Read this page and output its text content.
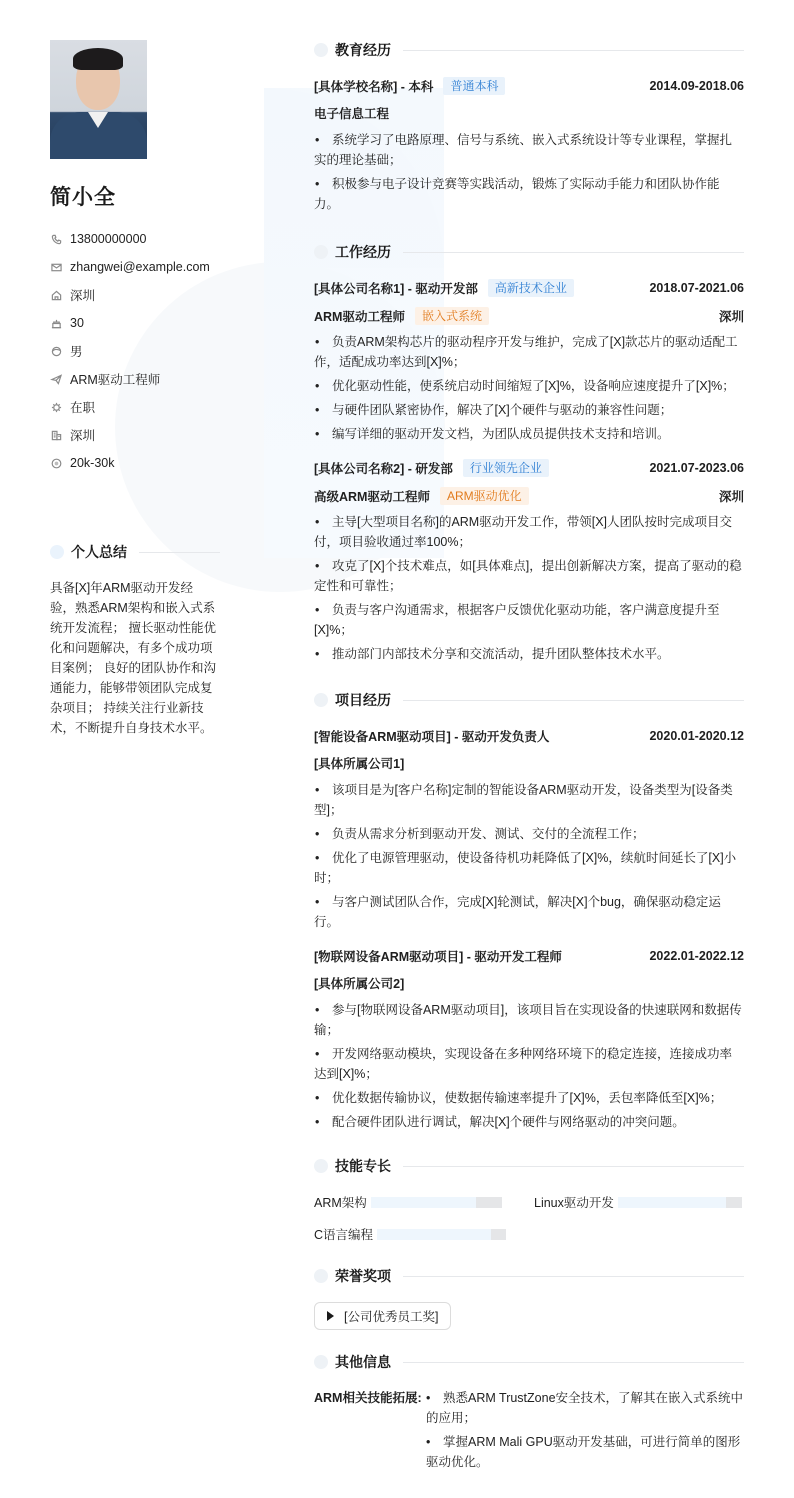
简小全
13800000000
zhangwei@example.com
深圳
30
男
ARM驱动工程师
在职
深圳
20k-30k
个人总结
具备[X]年ARM驱动开发经验，熟悉ARM架构和嵌入式系统开发流程； 擅长驱动性能优化和问题解决，有多个成功项目案例； 良好的团队协作和沟通能力，能够带领团队完成复杂项目； 持续关注行业新技术，不断提升自身技术水平。
教育经历
[具体学校名称] - 本科	普通本科	2014.09-2018.06
电子信息工程
• 系统学习了电路原理、信号与系统、嵌入式系统设计等专业课程，掌握扎实的理论基础；
• 积极参与电子设计竞赛等实践活动，锻炼了实际动手能力和团队协作能力。
工作经历
[具体公司名称1] - 驱动开发部	高新技术企业	2018.07-2021.06
ARM驱动工程师	嵌入式系统	深圳
• 负责ARM架构芯片的驱动程序开发与维护，完成了[X]款芯片的驱动适配工作，适配成功率达到[X]%；
• 优化驱动性能，使系统启动时间缩短了[X]%，设备响应速度提升了[X]%；
• 与硬件团队紧密协作，解决了[X]个硬件与驱动的兼容性问题；
• 编写详细的驱动开发文档，为团队成员提供技术支持和培训。
[具体公司名称2] - 研发部	行业领先企业	2021.07-2023.06
高级ARM驱动工程师	ARM驱动优化	深圳
• 主导[大型项目名称]的ARM驱动开发工作，带领[X]人团队按时完成项目交付，项目验收通过率100%；
• 攻克了[X]个技术难点，如[具体难点]，提出创新解决方案，提高了驱动的稳定性和可靠性；
• 负责与客户沟通需求，根据客户反馈优化驱动功能，客户满意度提升至[X]%；
• 推动部门内部技术分享和交流活动，提升团队整体技术水平。
项目经历
[智能设备ARM驱动项目] - 驱动开发负责人	2020.01-2020.12
[具体所属公司1]
• 该项目是为[客户名称]定制的智能设备ARM驱动开发，设备类型为[设备类型]；
• 负责从需求分析到驱动开发、测试、交付的全流程工作；
• 优化了电源管理驱动，使设备待机功耗降低了[X]%，续航时间延长了[X]小时；
• 与客户测试团队合作，完成[X]轮测试，解决[X]个bug，确保驱动稳定运行。
[物联网设备ARM驱动项目] - 驱动开发工程师	2022.01-2022.12
[具体所属公司2]
• 参与[物联网设备ARM驱动项目]，该项目旨在实现设备的快速联网和数据传输；
• 开发网络驱动模块，实现设备在多种网络环境下的稳定连接，连接成功率达到[X]%；
• 优化数据传输协议，使数据传输速率提升了[X]%，丢包率降低至[X]%；
• 配合硬件团队进行调试，解决[X]个硬件与网络驱动的冲突问题。
技能专长
ARM架构	Linux驱动开发
C语言编程
荣誉奖项
[公司优秀员工奖]
其他信息
ARM相关技能拓展: • 熟悉ARM TrustZone安全技术，了解其在嵌入式系统中的应用；
• 掌握ARM Mali GPU驱动开发基础，可进行简单的图形驱动优化。
